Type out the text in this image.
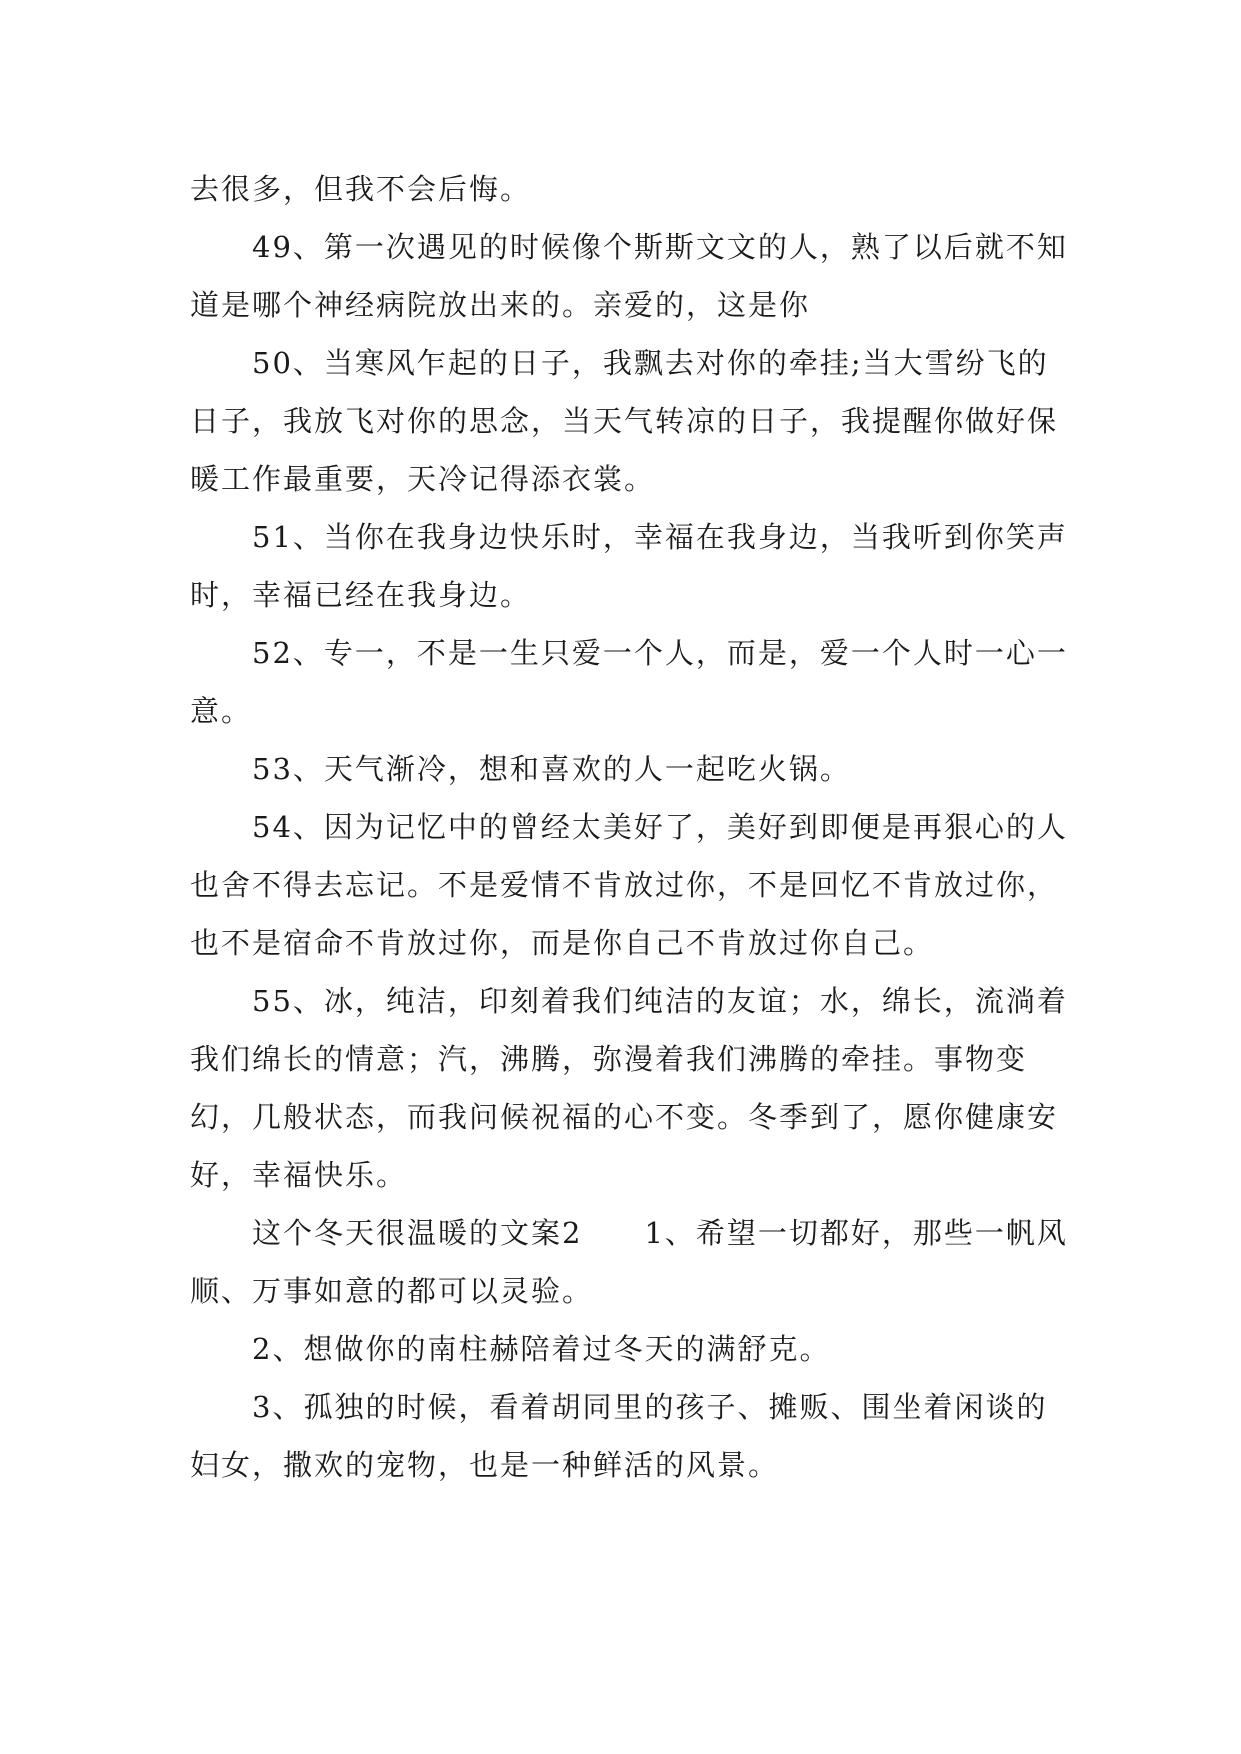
去很多，但我不会后悔。

49、第一次遇见的时候像个斯斯文文的人，熟了以后就不知道是哪个神经病院放出来的。亲爱的，这是你

50、当寒风乍起的日子，我飘去对你的牵挂;当大雪纷飞的日子，我放飞对你的思念，当天气转凉的日子，我提醒你做好保暖工作最重要，天冷记得添衣裳。

51、当你在我身边快乐时，幸福在我身边，当我听到你笑声时，幸福已经在我身边。

52、专一，不是一生只爱一个人，而是，爱一个人时一心一意。

53、天气渐冷，想和喜欢的人一起吃火锅。

54、因为记忆中的曾经太美好了，美好到即便是再狠心的人也舍不得去忘记。不是爱情不肯放过你，不是回忆不肯放过你，也不是宿命不肯放过你，而是你自己不肯放过你自己。

55、冰，纯洁，印刻着我们纯洁的友谊；水，绵长，流淌着我们绵长的情意；汽，沸腾，弥漫着我们沸腾的牵挂。事物变幻，几般状态，而我问候祝福的心不变。冬季到了，愿你健康安好，幸福快乐。

这个冬天很温暖的文案2　　1、希望一切都好，那些一帆风顺、万事如意的都可以灵验。

2、想做你的南柱赫陪着过冬天的满舒克。

3、孤独的时候，看着胡同里的孩子、摊贩、围坐着闲谈的妇女，撒欢的宠物，也是一种鲜活的风景。
